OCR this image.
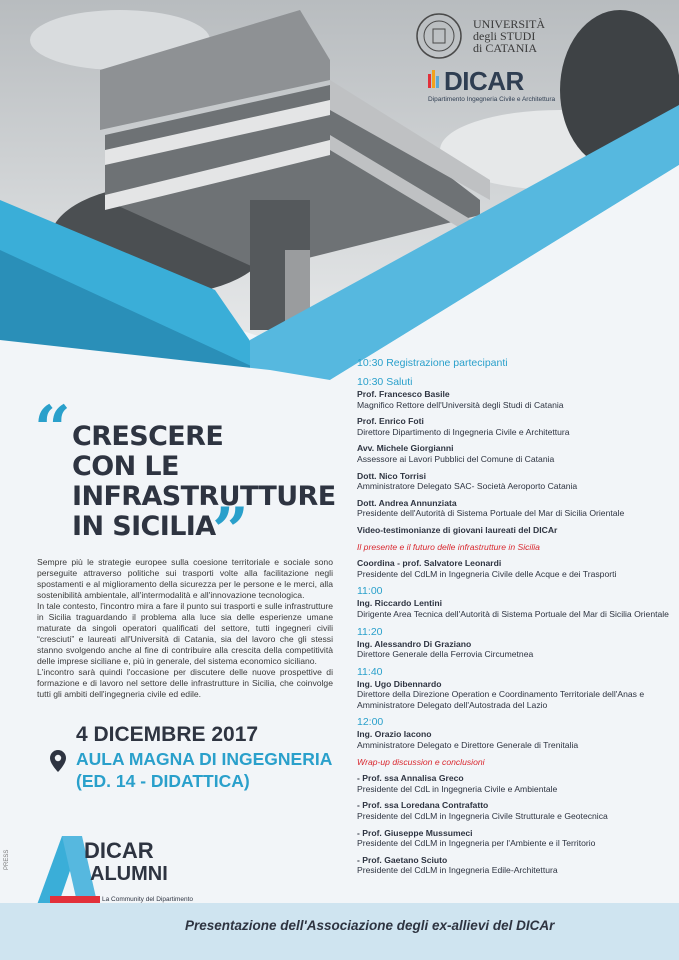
UNIVERSITÀ
degli STUDI
di CATANIA
DICAR
Dipartimento Ingegneria Civile e Architettura
“ CRESCERE
CON LE
INFRASTRUTTURE
IN SICILIA
”

Sempre più le strategie europee sulla coesione territoriale e sociale sono perseguite attraverso politiche sui trasporti volte alla facilitazione negli spostamenti e al miglioramento della sicurezza per le persone e le merci, alla sostenibilità ambientale, all'intermodalità e all'innovazione tecnologica.

In tale contesto, l'incontro mira a fare il punto sui trasporti e sulle infrastrutture in Sicilia traguardando il problema alla luce sia delle esperienze umane maturate da singoli operatori qualificati del settore, tutti ingegneri civili “cresciuti” e laureati all'Università di Catania, sia del lavoro che gli stessi stanno svolgendo anche al fine di contribuire alla crescita della competitività delle imprese siciliane e, più in generale, del sistema economico siciliano.

L'incontro sarà quindi l'occasione per discutere delle nuove prospettive di formazione e di lavoro nel settore delle infrastrutture in Sicilia, che coinvolge tutti gli ambiti dell'ingegneria civile ed edile.

4 DICEMBRE 2017
AULA MAGNA DI INGEGNERIA
(ED. 14 - DIDATTICA)
10:30 Registrazione partecipanti
10:30 Saluti
Prof. Francesco Basile
Magnifico Rettore dell'Università degli Studi di Catania
Prof. Enrico Foti
Direttore Dipartimento di Ingegneria Civile e Architettura
Avv. Michele Giorgianni
Assessore ai Lavori Pubblici del Comune di Catania
Dott. Nico Torrisi
Amministratore Delegato SAC- Società Aeroporto Catania
Dott. Andrea Annunziata
Presidente dell'Autorità di Sistema Portuale del Mar di Sicilia Orientale
Video-testimonianze di giovani laureati del DICAr
Il presente e il futuro delle infrastrutture in Sicilia
Coordina - prof. Salvatore Leonardi
Presidente del CdLM in Ingegneria Civile delle Acque e dei Trasporti
11:00
Ing. Riccardo Lentini
Dirigente Area Tecnica dell'Autorità di Sistema Portuale del Mar di Sicilia Orientale
11:20
Ing. Alessandro Di Graziano
Direttore Generale della Ferrovia Circumetnea
11:40
Ing. Ugo Dibennardo
Direttore della Direzione Operation e Coordinamento Territoriale dell'Anas e Amministratore Delegato dell'Autostrada del Lazio
12:00
Ing. Orazio Iacono
Amministratore Delegato e Direttore Generale di Trenitalia
Wrap-up discussion e conclusioni
- Prof. ssa Annalisa Greco
Presidente del CdL in Ingegneria Civile e Ambientale
- Prof. ssa Loredana Contrafatto
Presidente del CdLM in Ingegneria Civile Strutturale e Geotecnica
- Prof. Giuseppe Mussumeci
Presidente del CdLM in Ingegneria per l'Ambiente e il Territorio
- Prof. Gaetano Sciuto
Presidente del CdLM in Ingegneria Edile-Architettura
DICAR
ALUMNI
La Community del Dipartimento
PRESS
Presentazione dell'Associazione degli ex-allievi del DICAr
